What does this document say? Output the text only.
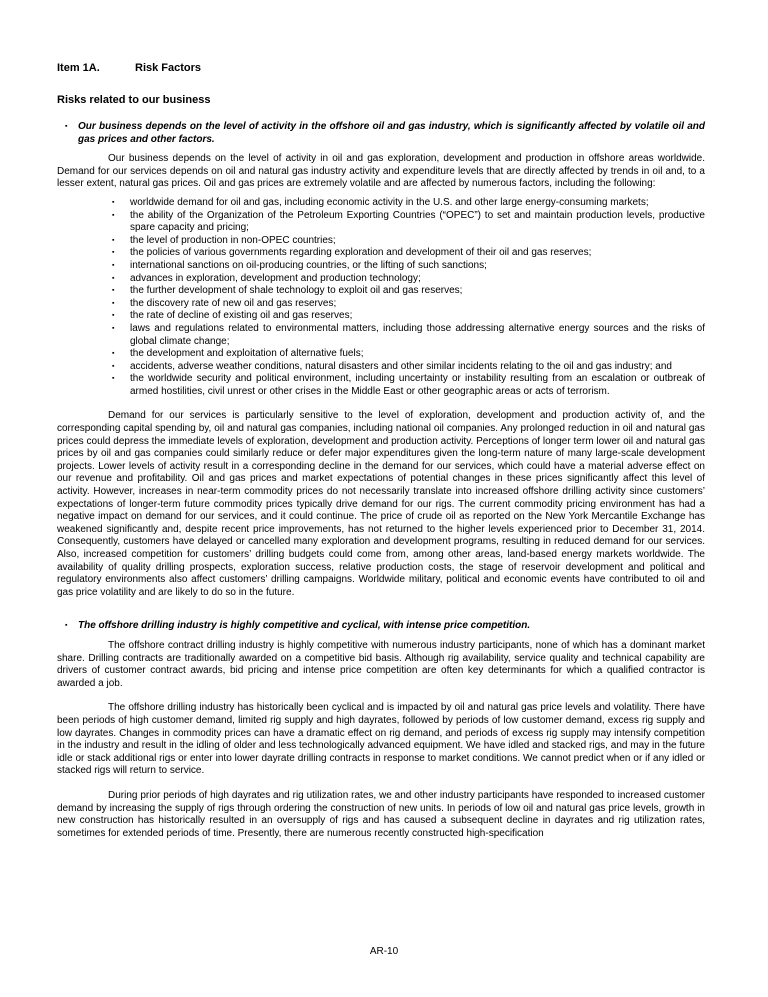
Item 1A.	Risk Factors
Risks related to our business
▪	Our business depends on the level of activity in the offshore oil and gas industry, which is significantly affected by volatile oil and gas prices and other factors.

Our business depends on the level of activity in oil and gas exploration, development and production in offshore areas worldwide. Demand for our services depends on oil and natural gas industry activity and expenditure levels that are directly affected by trends in oil and, to a lesser extent, natural gas prices. Oil and gas prices are extremely volatile and are affected by numerous factors, including the following:

▪	worldwide demand for oil and gas, including economic activity in the U.S. and other large energy-consuming markets;
▪	the ability of the Organization of the Petroleum Exporting Countries (“OPEC”) to set and maintain production levels, productive spare capacity and pricing;
▪	the level of production in non-OPEC countries;
▪	the policies of various governments regarding exploration and development of their oil and gas reserves;
▪	international sanctions on oil-producing countries, or the lifting of such sanctions;
▪	advances in exploration, development and production technology;
▪	the further development of shale technology to exploit oil and gas reserves;
▪	the discovery rate of new oil and gas reserves;
▪	the rate of decline of existing oil and gas reserves;
▪	laws and regulations related to environmental matters, including those addressing alternative energy sources and the risks of global climate change;
▪	the development and exploitation of alternative fuels;
▪	accidents, adverse weather conditions, natural disasters and other similar incidents relating to the oil and gas industry; and
▪	the worldwide security and political environment, including uncertainty or instability resulting from an escalation or outbreak of armed hostilities, civil unrest or other crises in the Middle East or other geographic areas or acts of terrorism.

Demand for our services is particularly sensitive to the level of exploration, development and production activity of, and the corresponding capital spending by, oil and natural gas companies, including national oil companies. Any prolonged reduction in oil and natural gas prices could depress the immediate levels of exploration, development and production activity. Perceptions of longer term lower oil and natural gas prices by oil and gas companies could similarly reduce or defer major expenditures given the long-term nature of many large-scale development projects. Lower levels of activity result in a corresponding decline in the demand for our services, which could have a material adverse effect on our revenue and profitability. Oil and gas prices and market expectations of potential changes in these prices significantly affect this level of activity. However, increases in near-term commodity prices do not necessarily translate into increased offshore drilling activity since customers’ expectations of longer-term future commodity prices typically drive demand for our rigs. The current commodity pricing environment has had a negative impact on demand for our services, and it could continue. The price of crude oil as reported on the New York Mercantile Exchange has weakened significantly and, despite recent price improvements, has not returned to the higher levels experienced prior to December 31, 2014. Consequently, customers have delayed or cancelled many exploration and development programs, resulting in reduced demand for our services. Also, increased competition for customers’ drilling budgets could come from, among other areas, land-based energy markets worldwide. The availability of quality drilling prospects, exploration success, relative production costs, the stage of reservoir development and political and regulatory environments also affect customers’ drilling campaigns. Worldwide military, political and economic events have contributed to oil and gas price volatility and are likely to do so in the future.

▪	The offshore drilling industry is highly competitive and cyclical, with intense price competition.

The offshore contract drilling industry is highly competitive with numerous industry participants, none of which has a dominant market share. Drilling contracts are traditionally awarded on a competitive bid basis. Although rig availability, service quality and technical capability are drivers of customer contract awards, bid pricing and intense price competition are often key determinants for which a qualified contractor is awarded a job.

The offshore drilling industry has historically been cyclical and is impacted by oil and natural gas price levels and volatility. There have been periods of high customer demand, limited rig supply and high dayrates, followed by periods of low customer demand, excess rig supply and low dayrates. Changes in commodity prices can have a dramatic effect on rig demand, and periods of excess rig supply may intensify competition in the industry and result in the idling of older and less technologically advanced equipment. We have idled and stacked rigs, and may in the future idle or stack additional rigs or enter into lower dayrate drilling contracts in response to market conditions. We cannot predict when or if any idled or stacked rigs will return to service.

During prior periods of high dayrates and rig utilization rates, we and other industry participants have responded to increased customer demand by increasing the supply of rigs through ordering the construction of new units. In periods of low oil and natural gas price levels, growth in new construction has historically resulted in an oversupply of rigs and has caused a subsequent decline in dayrates and rig utilization rates, sometimes for extended periods of time. Presently, there are numerous recently constructed high-specification

AR-10
